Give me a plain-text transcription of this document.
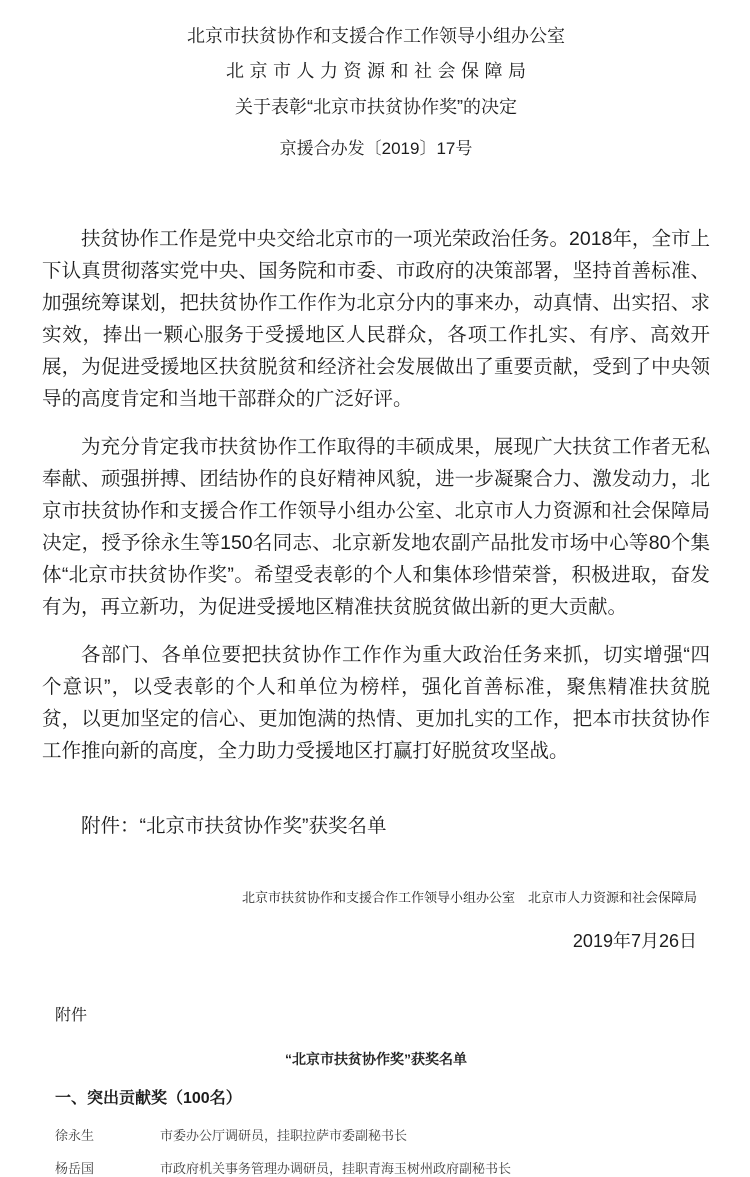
北京市扶贫协作和支援合作工作领导小组办公室
北京市人力资源和社会保障局
关于表彰“北京市扶贫协作奖”的决定
京援合办发〔2019〕17号

扶贫协作工作是党中央交给北京市的一项光荣政治任务。2018年，全市上下认真贯彻落实党中央、国务院和市委、市政府的决策部署，坚持首善标准、加强统筹谋划，把扶贫协作工作作为北京分内的事来办，动真情、出实招、求实效，捧出一颗心服务于受援地区人民群众，各项工作扎实、有序、高效开展，为促进受援地区扶贫脱贫和经济社会发展做出了重要贡献，受到了中央领导的高度肯定和当地干部群众的广泛好评。

为充分肯定我市扶贫协作工作取得的丰硕成果，展现广大扶贫工作者无私奉献、顽强拼搏、团结协作的良好精神风貌，进一步凝聚合力、激发动力，北京市扶贫协作和支援合作工作领导小组办公室、北京市人力资源和社会保障局决定，授予徐永生等150名同志、北京新发地农副产品批发市场中心等80个集体“北京市扶贫协作奖”。希望受表彰的个人和集体珍惜荣誉，积极进取，奋发有为，再立新功，为促进受援地区精准扶贫脱贫做出新的更大贡献。

各部门、各单位要把扶贫协作工作作为重大政治任务来抓，切实增强“四个意识”，以受表彰的个人和单位为榜样，强化首善标准，聚焦精准扶贫脱贫，以更加坚定的信心、更加饱满的热情、更加扎实的工作，把本市扶贫协作工作推向新的高度，全力助力受援地区打赢打好脱贫攻坚战。

附件：“北京市扶贫协作奖”获奖名单

北京市扶贫协作和支援合作工作领导小组办公室　北京市人力资源和社会保障局
2019年7月26日
附件
“北京市扶贫协作奖”获奖名单
一、突出贡献奖（100名）
徐永生	市委办公厅调研员，挂职拉萨市委副秘书长
杨岳国	市政府机关事务管理办调研员，挂职青海玉树州政府副秘书长
